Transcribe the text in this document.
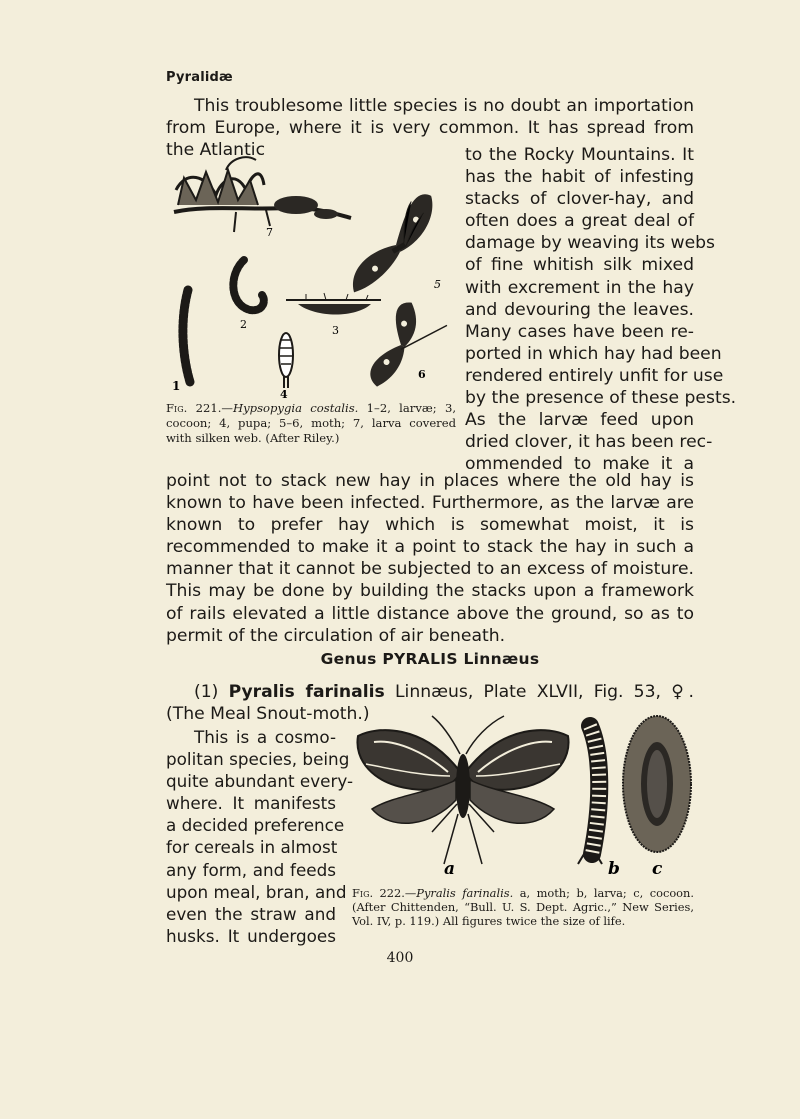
Pyralidæ
This troublesome little species is no doubt an importation from Europe, where it is very common. It has spread from the Atlantic
7
5
2	3
6
1
4
Fig. 221.—Hypsopygia costalis. 1–2, larvæ; 3, cocoon; 4, pupa; 5–6, moth; 7, larva covered with silken web. (After Riley.)
to the Rocky Mountains. It
has the habit of infesting
stacks of clover-hay, and
often does a great deal of
damage by weaving its webs
of fine whitish silk mixed
with excrement in the hay
and devouring the leaves.
Many cases have been re-
ported in which hay had been
rendered entirely unfit for use
by the presence of these pests.
As the larvæ feed upon
dried clover, it has been rec-
ommended to make it a
point not to stack new hay in places where the old hay is known to have been infected. Furthermore, as the larvæ are known to prefer hay which is somewhat moist, it is recommended to make it a point to stack the hay in such a manner that it cannot be subjected to an excess of moisture. This may be done by building the stacks upon a framework of rails elevated a little distance above the ground, so as to permit of the circulation of air beneath.
Genus PYRALIS Linnæus
(1) Pyralis farinalis Linnæus, Plate XLVII, Fig. 53, ♀. (The Meal Snout-moth.)
This is a cosmo-
politan species, being
quite abundant every-
where. It manifests
a decided preference
for cereals in almost
any form, and feeds
upon meal, bran, and
even the straw and
husks. It undergoes
a	b c
Fig. 222.—Pyralis farinalis. a, moth; b, larva; c, cocoon. (After Chittenden, “Bull. U. S. Dept. Agric.,” New Series, Vol. IV, p. 119.) All figures twice the size of life.
400
